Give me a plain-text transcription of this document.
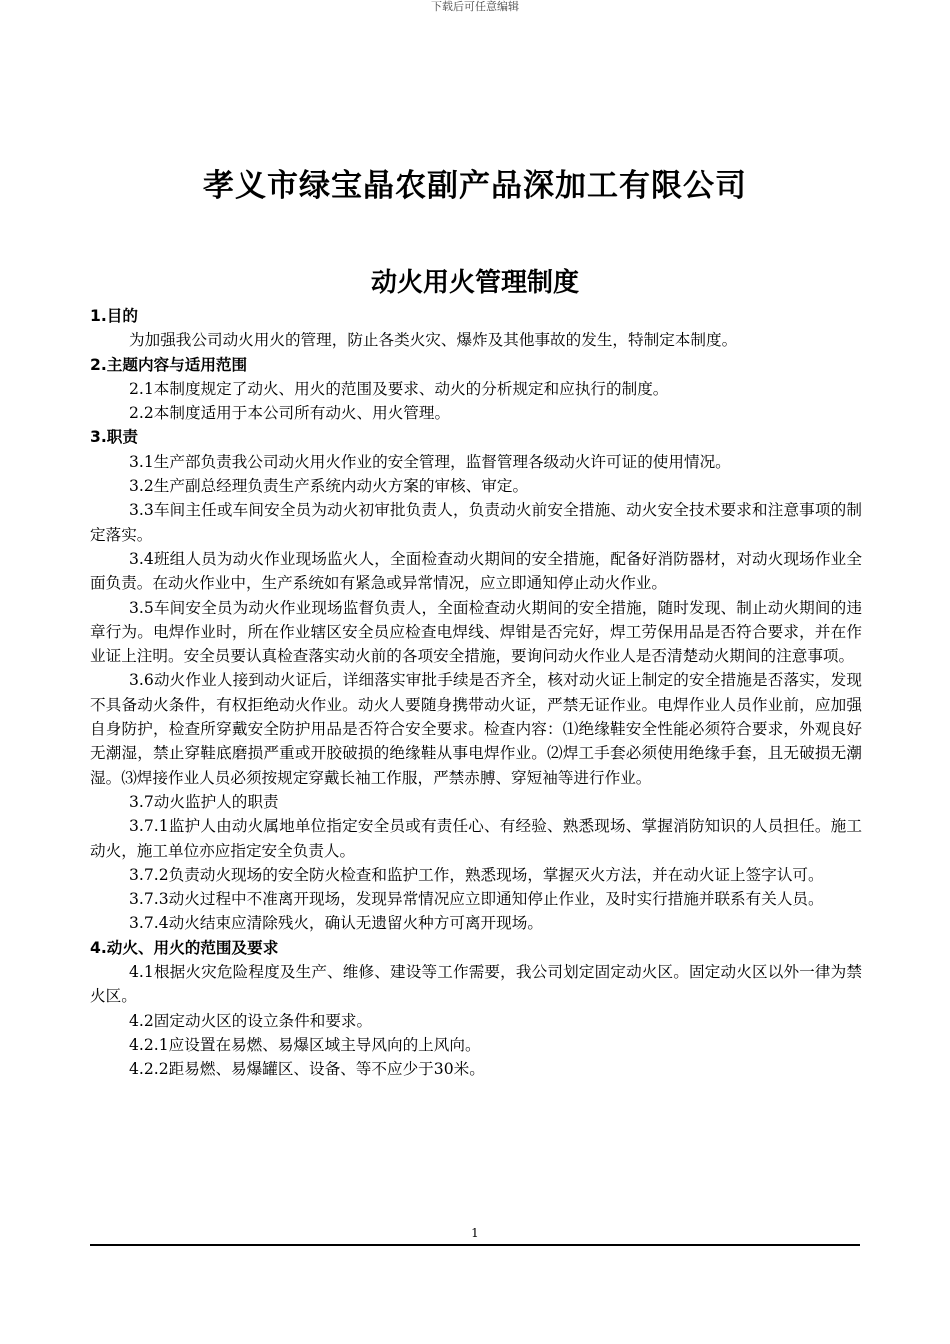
下载后可任意编辑
孝义市绿宝晶农副产品深加工有限公司
动火用火管理制度
1.目的
为加强我公司动火用火的管理，防止各类火灾、爆炸及其他事故的发生，特制定本制度。
2.主题内容与适用范围
2.1本制度规定了动火、用火的范围及要求、动火的分析规定和应执行的制度。
2.2本制度适用于本公司所有动火、用火管理。
3.职责
3.1生产部负责我公司动火用火作业的安全管理，监督管理各级动火许可证的使用情况。
3.2生产副总经理负责生产系统内动火方案的审核、审定。
3.3车间主任或车间安全员为动火初审批负责人，负责动火前安全措施、动火安全技术要求和注意事项的制定落实。
3.4班组人员为动火作业现场监火人，全面检查动火期间的安全措施，配备好消防器材，对动火现场作业全面负责。在动火作业中，生产系统如有紧急或异常情况，应立即通知停止动火作业。
3.5车间安全员为动火作业现场监督负责人，全面检查动火期间的安全措施，随时发现、制止动火期间的违章行为。电焊作业时，所在作业辖区安全员应检查电焊线、焊钳是否完好，焊工劳保用品是否符合要求，并在作业证上注明。安全员要认真检查落实动火前的各项安全措施，要询问动火作业人是否清楚动火期间的注意事项。
3.6动火作业人接到动火证后，详细落实审批手续是否齐全，核对动火证上制定的安全措施是否落实，发现不具备动火条件，有权拒绝动火作业。动火人要随身携带动火证，严禁无证作业。电焊作业人员作业前，应加强自身防护，检查所穿戴安全防护用品是否符合安全要求。检查内容：⑴绝缘鞋安全性能必须符合要求，外观良好无潮湿，禁止穿鞋底磨损严重或开胶破损的绝缘鞋从事电焊作业。⑵焊工手套必须使用绝缘手套，且无破损无潮湿。⑶焊接作业人员必须按规定穿戴长袖工作服，严禁赤膊、穿短袖等进行作业。
3.7动火监护人的职责
3.7.1监护人由动火属地单位指定安全员或有责任心、有经验、熟悉现场、掌握消防知识的人员担任。施工动火，施工单位亦应指定安全负责人。
3.7.2负责动火现场的安全防火检查和监护工作，熟悉现场，掌握灭火方法，并在动火证上签字认可。
3.7.3动火过程中不准离开现场，发现异常情况应立即通知停止作业，及时实行措施并联系有关人员。
3.7.4动火结束应清除残火，确认无遗留火种方可离开现场。
4.动火、用火的范围及要求
4.1根据火灾危险程度及生产、维修、建设等工作需要，我公司划定固定动火区。固定动火区以外一律为禁火区。
4.2固定动火区的设立条件和要求。
4.2.1应设置在易燃、易爆区域主导风向的上风向。
4.2.2距易燃、易爆罐区、设备、等不应少于30米。
1
